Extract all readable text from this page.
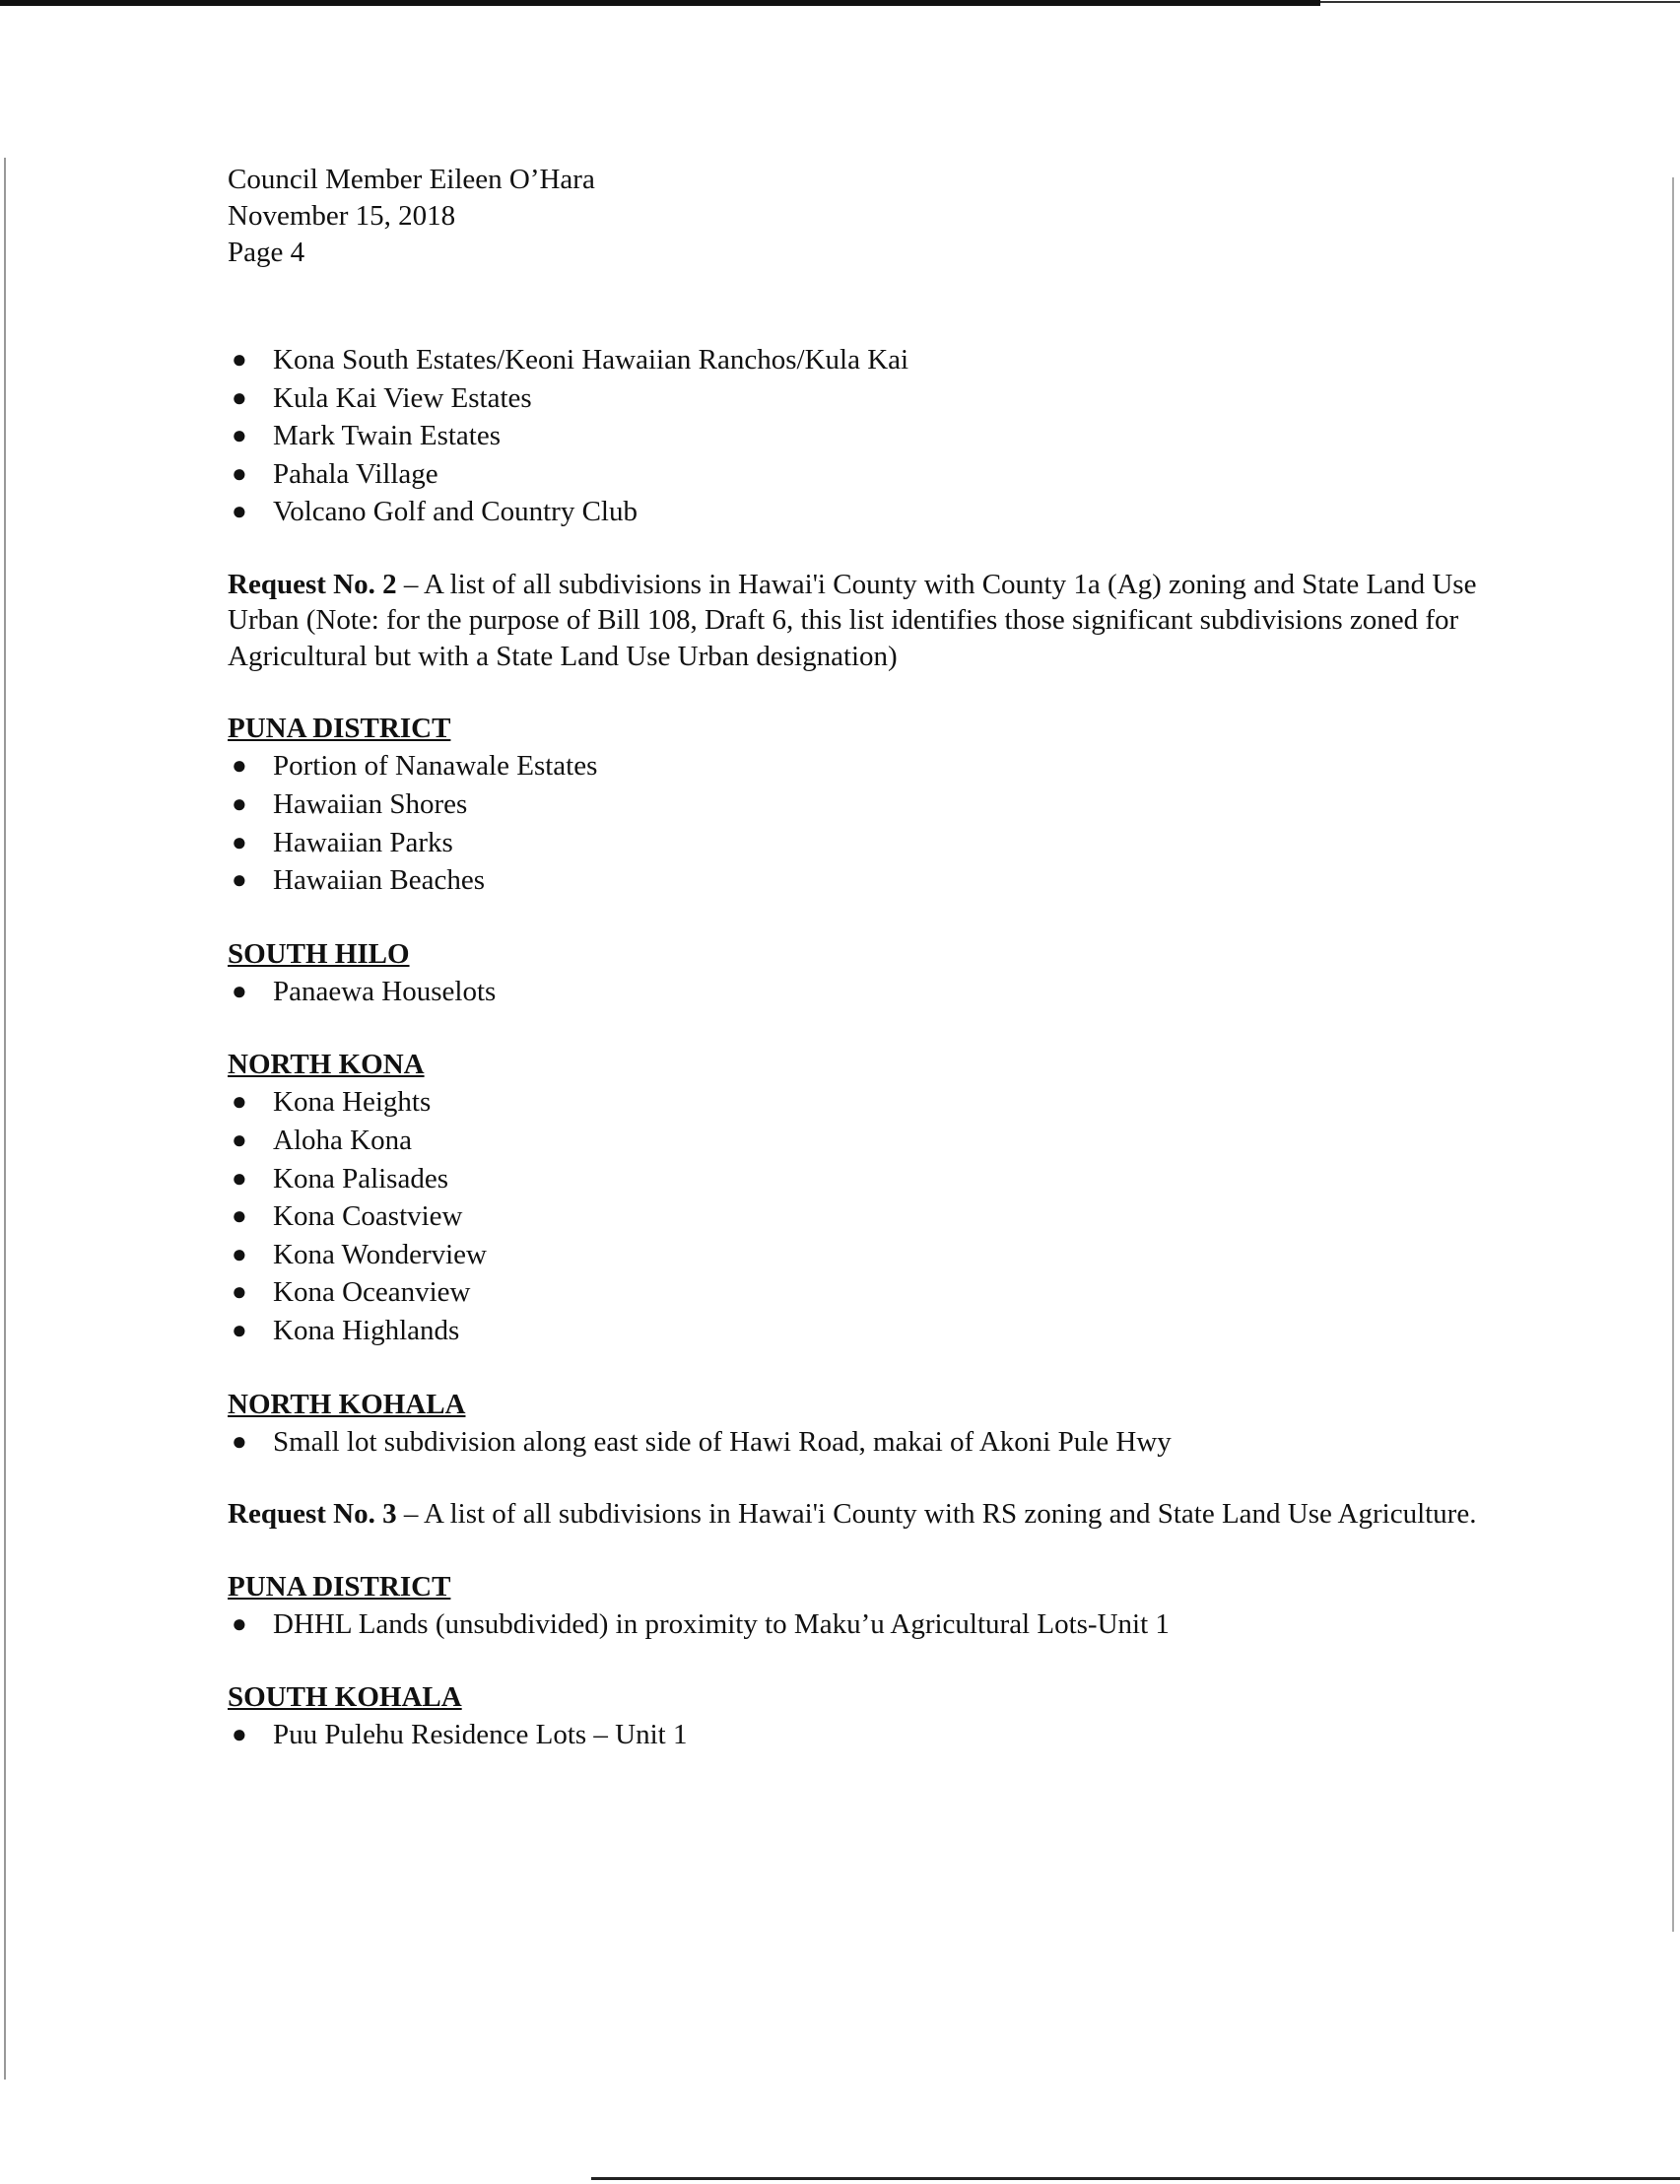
Council Member Eileen O’Hara
November 15, 2018
Page 4
● Kona South Estates/Keoni Hawaiian Ranchos/Kula Kai
● Kula Kai View Estates
● Mark Twain Estates
● Pahala Village
● Volcano Golf and Country Club

Request No. 2 – A list of all subdivisions in Hawai'i County with County 1a (Ag) zoning and State Land Use Urban (Note: for the purpose of Bill 108, Draft 6, this list identifies those significant subdivisions zoned for Agricultural but with a State Land Use Urban designation)

PUNA DISTRICT
● Portion of Nanawale Estates
● Hawaiian Shores
● Hawaiian Parks
● Hawaiian Beaches
SOUTH HILO
● Panaewa Houselots
NORTH KONA
● Kona Heights
● Aloha Kona
● Kona Palisades
● Kona Coastview
● Kona Wonderview
● Kona Oceanview
● Kona Highlands
NORTH KOHALA
● Small lot subdivision along east side of Hawi Road, makai of Akoni Pule Hwy

Request No. 3 – A list of all subdivisions in Hawai'i County with RS zoning and State Land Use Agriculture.

PUNA DISTRICT
● DHHL Lands (unsubdivided) in proximity to Maku’u Agricultural Lots-Unit 1
SOUTH KOHALA
● Puu Pulehu Residence Lots – Unit 1
